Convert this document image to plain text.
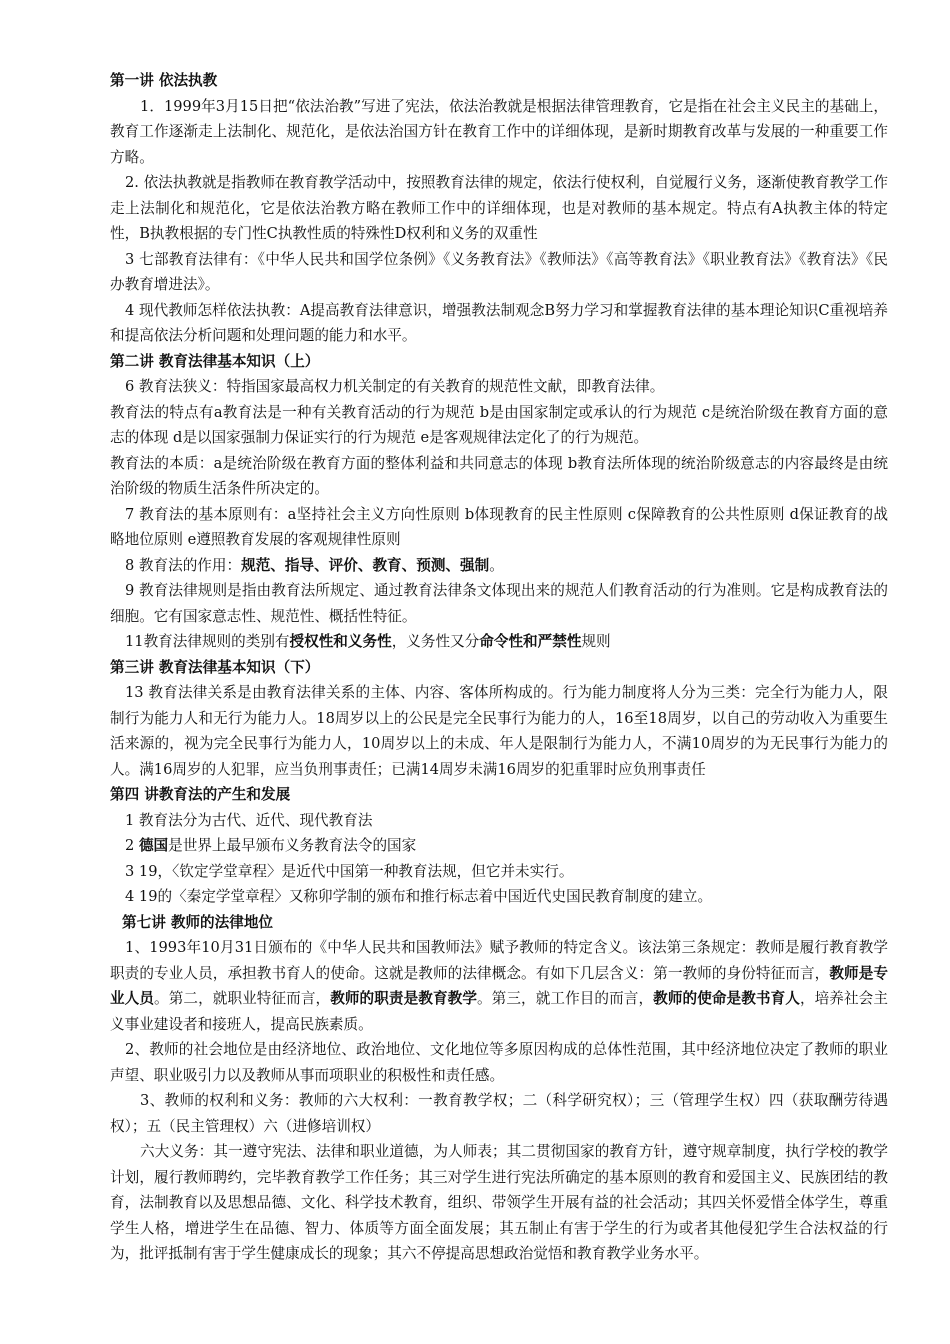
第一讲 依法执教

1．1999年3月15日把“依法治教”写进了宪法，依法治教就是根据法律管理教育，它是指在社会主义民主的基础上，教育工作逐渐走上法制化、规范化，是依法治国方针在教育工作中的详细体现，是新时期教育改革与发展的一种重要工作方略。

2. 依法执教就是指教师在教育教学活动中，按照教育法律的规定，依法行使权利，自觉履行义务，逐渐使教育教学工作走上法制化和规范化，它是依法治教方略在教师工作中的详细体现，也是对教师的基本规定。特点有A执教主体的特定性，B执教根据的专门性C执教性质的特殊性D权利和义务的双重性

3 七部教育法律有：《中华人民共和国学位条例》《义务教育法》《教师法》《高等教育法》《职业教育法》《教育法》《民办教育增进法》。

4 现代教师怎样依法执教：A提高教育法律意识，增强教法制观念B努力学习和掌握教育法律的基本理论知识C重视培养和提高依法分析问题和处理问题的能力和水平。

第二讲 教育法律基本知识（上）

6 教育法狭义：特指国家最高权力机关制定的有关教育的规范性文献，即教育法律。

教育法的特点有a教育法是一种有关教育活动的行为规范 b是由国家制定或承认的行为规范 c是统治阶级在教育方面的意志的体现 d是以国家强制力保证实行的行为规范 e是客观规律法定化了的行为规范。

教育法的本质：a是统治阶级在教育方面的整体利益和共同意志的体现 b教育法所体现的统治阶级意志的内容最终是由统治阶级的物质生活条件所决定的。

7 教育法的基本原则有：a坚持社会主义方向性原则 b体现教育的民主性原则 c保障教育的公共性原则 d保证教育的战略地位原则 e遵照教育发展的客观规律性原则

8 教育法的作用：规范、指导、评价、教育、预测、强制。

9 教育法律规则是指由教育法所规定、通过教育法律条文体现出来的规范人们教育活动的行为准则。它是构成教育法的细胞。它有国家意志性、规范性、概括性特征。

11教育法律规则的类别有授权性和义务性，义务性又分命令性和严禁性规则

第三讲 教育法律基本知识（下）

13 教育法律关系是由教育法律关系的主体、内容、客体所构成的。行为能力制度将人分为三类：完全行为能力人，限制行为能力人和无行为能力人。18周岁以上的公民是完全民事行为能力的人，16至18周岁，以自己的劳动收入为重要生活来源的，视为完全民事行为能力人，10周岁以上的未成、年人是限制行为能力人，不满10周岁的为无民事行为能力的人。满16周岁的人犯罪，应当负刑事责任；已满14周岁未满16周岁的犯重罪时应负刑事责任

第四 讲教育法的产生和发展

1 教育法分为古代、近代、现代教育法

2 德国是世界上最早颁布义务教育法令的国家

3 19，〈钦定学堂章程〉是近代中国第一种教育法规，但它并未实行。

4 19的〈秦定学堂章程〉又称卯学制的颁布和推行标志着中国近代史国民教育制度的建立。

第七讲 教师的法律地位

1、1993年10月31日颁布的《中华人民共和国教师法》赋予教师的特定含义。该法第三条规定：教师是履行教育教学职责的专业人员，承担教书育人的使命。这就是教师的法律概念。有如下几层含义：第一教师的身份特征而言，教师是专业人员。第二，就职业特征而言，教师的职责是教育教学。第三，就工作目的而言，教师的使命是教书育人，培养社会主义事业建设者和接班人，提高民族素质。

2、教师的社会地位是由经济地位、政治地位、文化地位等多原因构成的总体性范围，其中经济地位决定了教师的职业声望、职业吸引力以及教师从事而项职业的积极性和责任感。

3、教师的权利和义务：教师的六大权利：一教育教学权；二（科学研究权）；三（管理学生权）四（获取酬劳待遇权）；五（民主管理权）六（进修培训权）

六大义务：其一遵守宪法、法律和职业道德，为人师表；其二贯彻国家的教育方针，遵守规章制度，执行学校的教学计划，履行教师聘约，完毕教育教学工作任务；其三对学生进行宪法所确定的基本原则的教育和爱国主义、民族团结的教育，法制教育以及思想品德、文化、科学技术教育，组织、带领学生开展有益的社会活动；其四关怀爱惜全体学生，尊重学生人格，增进学生在品德、智力、体质等方面全面发展；其五制止有害于学生的行为或者其他侵犯学生合法权益的行为，批评抵制有害于学生健康成长的现象；其六不停提高思想政治觉悟和教育教学业务水平。
